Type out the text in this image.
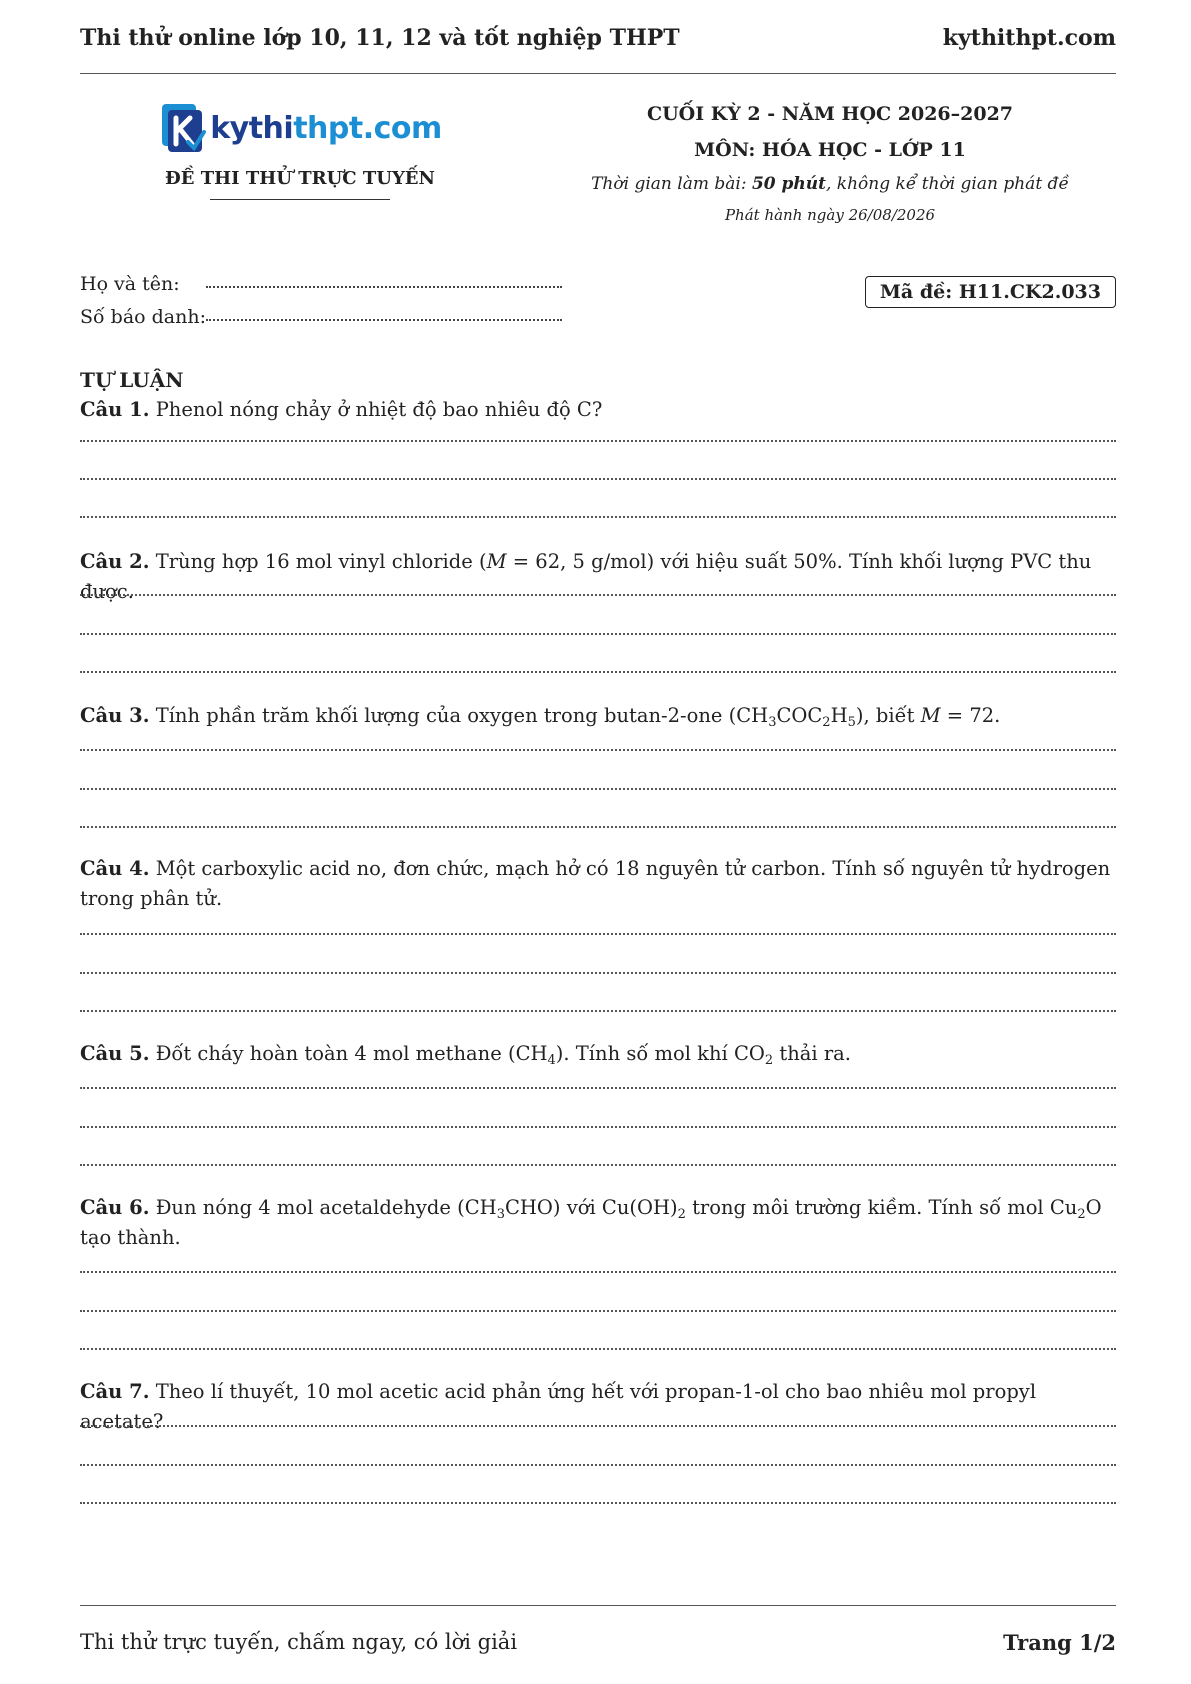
Thi thử online lớp 10, 11, 12 và tốt nghiệp THPT	kythithpt.com
kythithpt.com
ĐỀ THI THỬ TRỰC TUYẾN
CUỐI KỲ 2 - NĂM HỌC 2026–2027
MÔN: HÓA HỌC - LỚP 11
Thời gian làm bài: 50 phút, không kể thời gian phát đề
Phát hành ngày 26/08/2026
Họ và tên:
Số báo danh:
Mã đề: H11.CK2.033
TỰ LUẬN
Câu 1. Phenol nóng chảy ở nhiệt độ bao nhiêu độ C?
Câu 2. Trùng hợp 16 mol vinyl chloride (M = 62, 5 g/mol) với hiệu suất 50%. Tính khối lượng PVC thu được.
Câu 3. Tính phần trăm khối lượng của oxygen trong butan-2-one $(CH_3COC_2H_5)$, biết M = 72.
Câu 4. Một carboxylic acid no, đơn chức, mạch hở có 18 nguyên tử carbon. Tính số nguyên tử hydrogen trong phân tử.
Câu 5. Đốt cháy hoàn toàn 4 mol methane $(CH_4)$. Tính số mol khí $CO_2$ thải ra.
Câu 6. Đun nóng 4 mol acetaldehyde $(CH_3CHO)$ với $Cu(OH)_2$ trong môi trường kiềm. Tính số mol $Cu_2O$ tạo thành.
Câu 7. Theo lí thuyết, 10 mol acetic acid phản ứng hết với propan-1-ol cho bao nhiêu mol propyl acetate?
Thi thử trực tuyến, chấm ngay, có lời giải	Trang 1/2
